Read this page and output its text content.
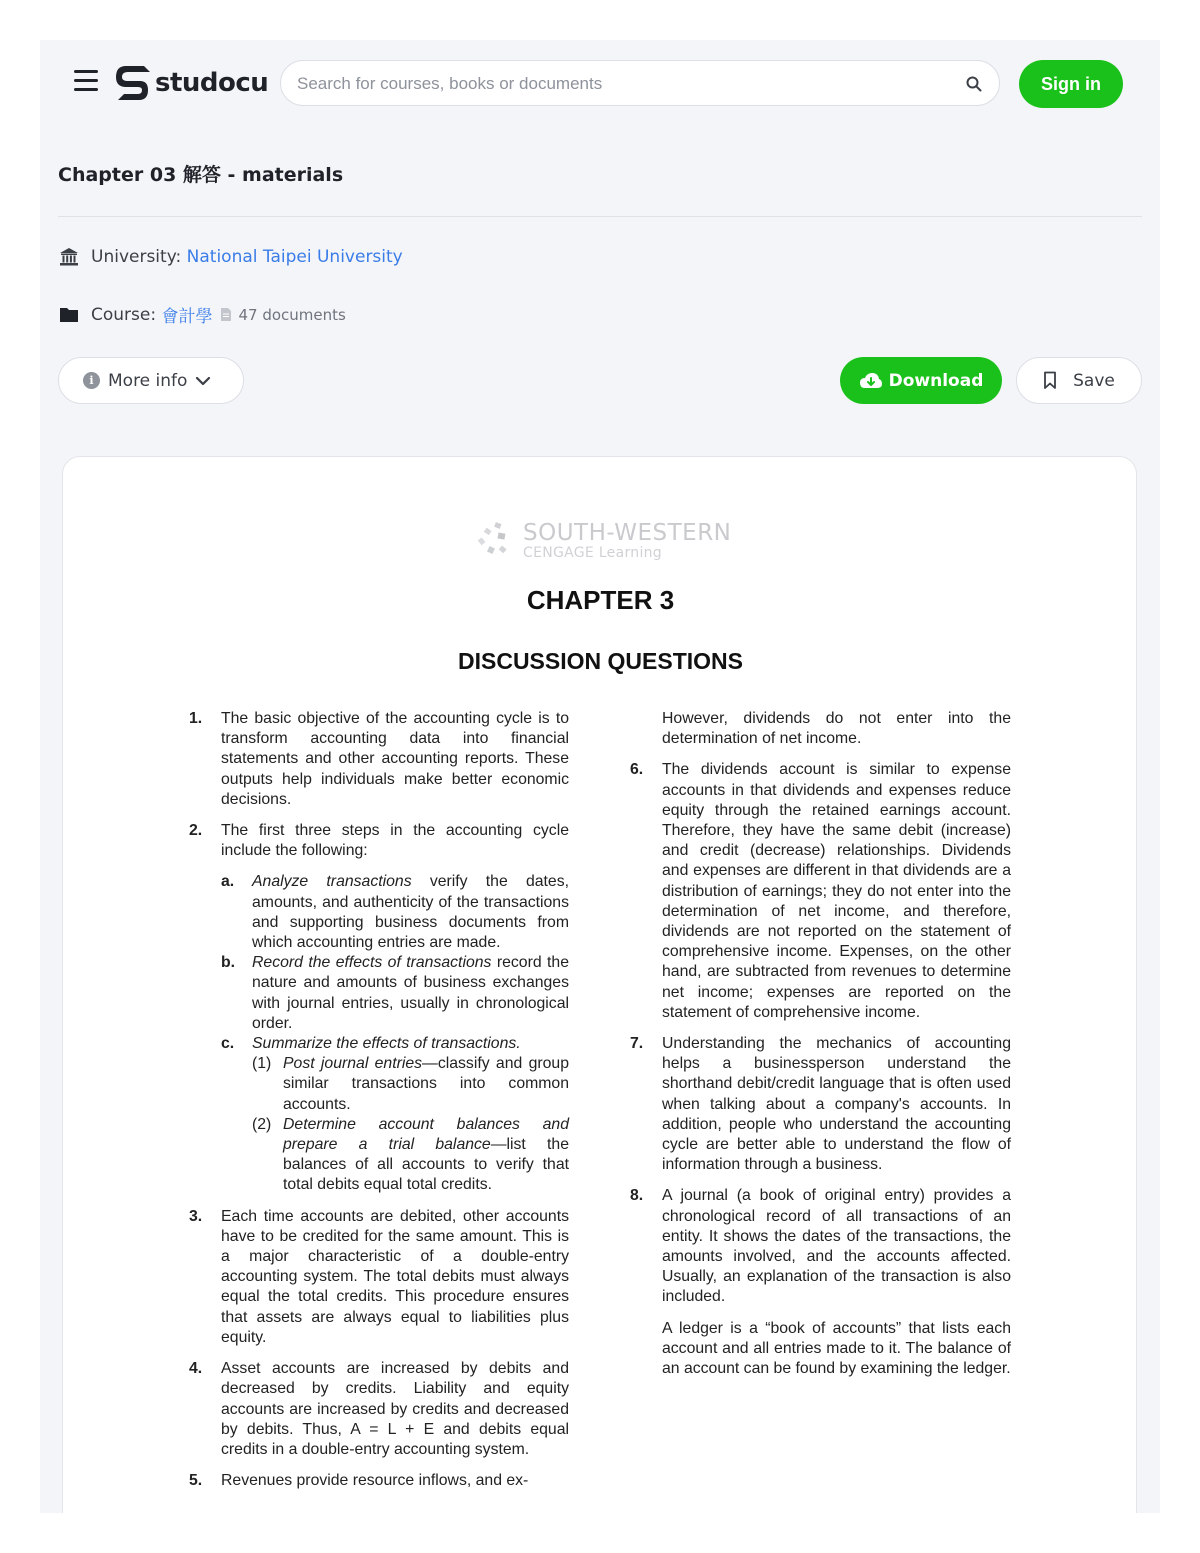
studocu
Search for courses, books or documents	Sign in
Chapter 03 解答 - materials
University:
National Taipei University
Course:
會計學 47 documents
i More info	Download	Save
SOUTH-WESTERN
CENGAGE Learning
CHAPTER 3
DISCUSSION QUESTIONS
1. The basic objective of the accounting cycle is to transform accounting data into financial statements and other accounting reports. These outputs help individuals make better economic decisions.
2. The first three steps in the accounting cycle include the following:
a. Analyze transactions verify the dates, amounts, and authenticity of the transactions and supporting business documents from which accounting entries are made.
b. Record the effects of transactions record the nature and amounts of business exchanges with journal entries, usually in chronological order.
c. Summarize the effects of transactions.
(1) Post journal entries—classify and group similar transactions into common accounts.
(2) Determine account balances and prepare a trial balance—list the balances of all accounts to verify that total debits equal total credits.
3. Each time accounts are debited, other accounts have to be credited for the same amount. This is a major characteristic of a double-entry accounting system. The total debits must always equal the total credits. This procedure ensures that assets are always equal to liabilities plus equity.
4. Asset accounts are increased by debits and decreased by credits. Liability and equity accounts are increased by credits and decreased by debits. Thus, A = L + E and debits equal credits in a double-entry accounting system.
5. Revenues provide resource inflows, and ex-
However, dividends do not enter into the determination of net income.
6. The dividends account is similar to expense accounts in that dividends and expenses reduce equity through the retained earnings account. Therefore, they have the same debit (increase) and credit (decrease) relationships. Dividends and expenses are different in that dividends are a distribution of earnings; they do not enter into the determination of net income, and therefore, dividends are not reported on the statement of comprehensive income. Expenses, on the other hand, are subtracted from revenues to determine net income; expenses are reported on the statement of comprehensive income.
7. Understanding the mechanics of accounting helps a businessperson understand the shorthand debit/credit language that is often used when talking about a company's accounts. In addition, people who understand the accounting cycle are better able to understand the flow of information through a business.
8. A journal (a book of original entry) provides a chronological record of all transactions of an entity. It shows the dates of the transactions, the amounts involved, and the accounts affected. Usually, an explanation of the transaction is also included.
A ledger is a “book of accounts” that lists each account and all entries made to it. The balance of an account can be found by examining the ledger.
